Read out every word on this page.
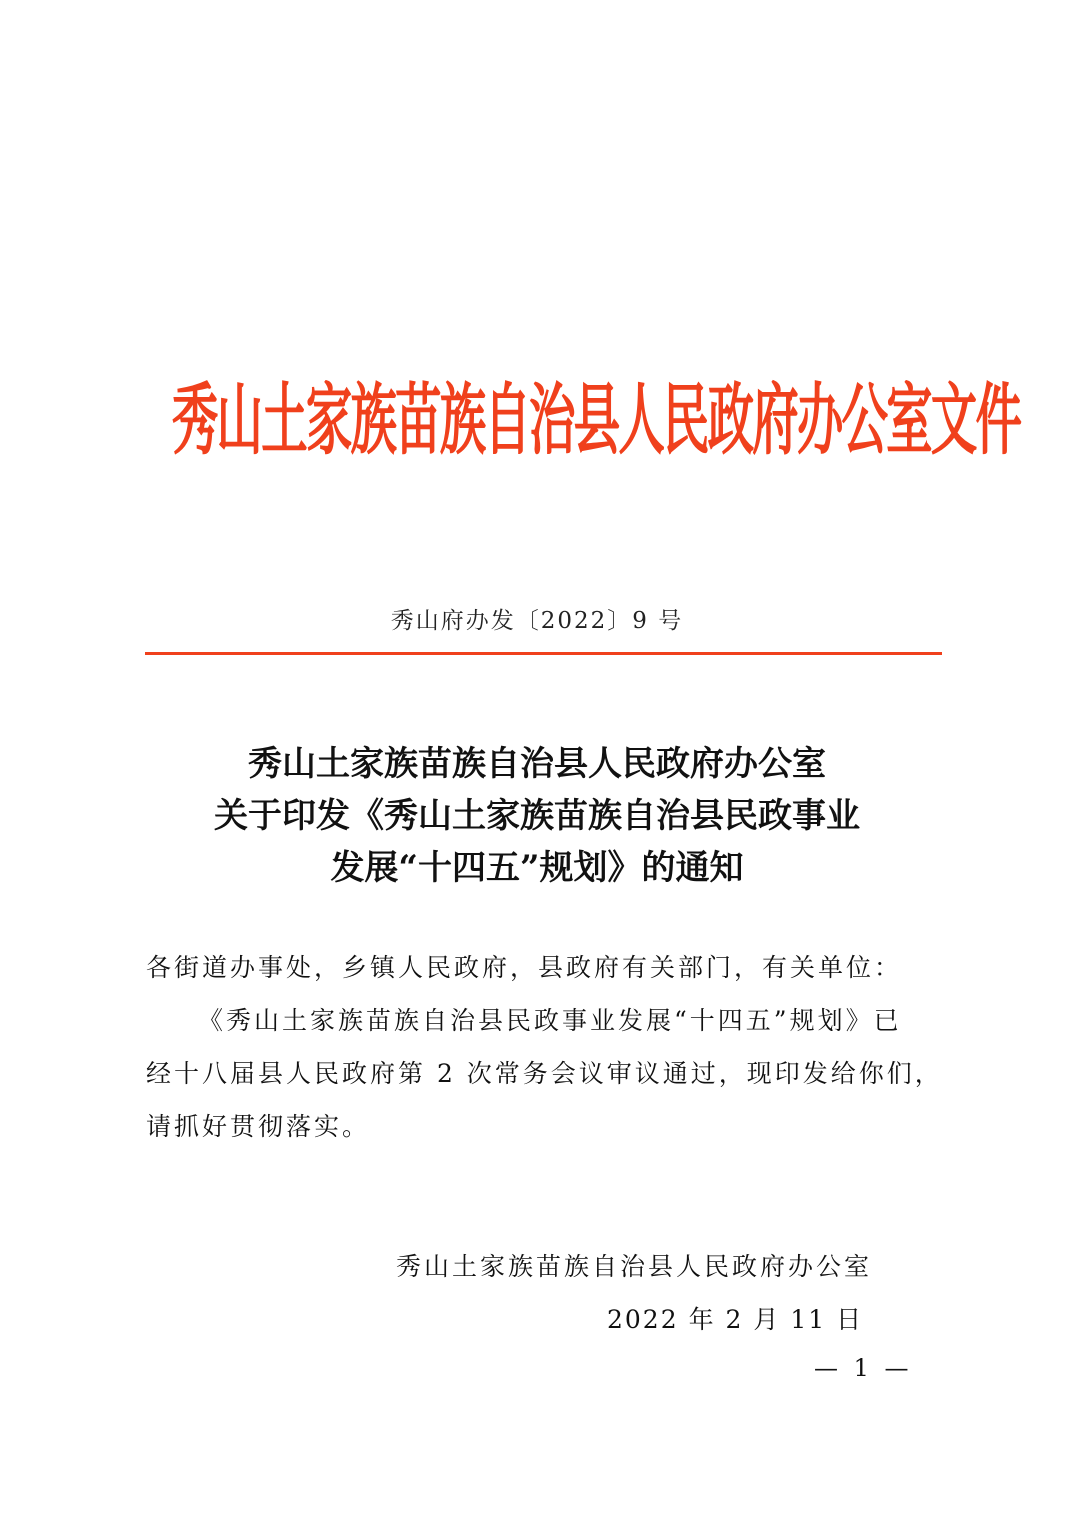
秀山土家族苗族自治县人民政府办公室文件
秀山府办发〔2022〕9 号
秀山土家族苗族自治县人民政府办公室
关于印发《秀山土家族苗族自治县民政事业
发展“十四五”规划》的通知
各街道办事处，乡镇人民政府，县政府有关部门，有关单位：
《秀山土家族苗族自治县民政事业发展“十四五”规划》已
经十八届县人民政府第 2 次常务会议审议通过，现印发给你们，
请抓好贯彻落实。
秀山土家族苗族自治县人民政府办公室
2022 年 2 月 11 日
— 1 —
